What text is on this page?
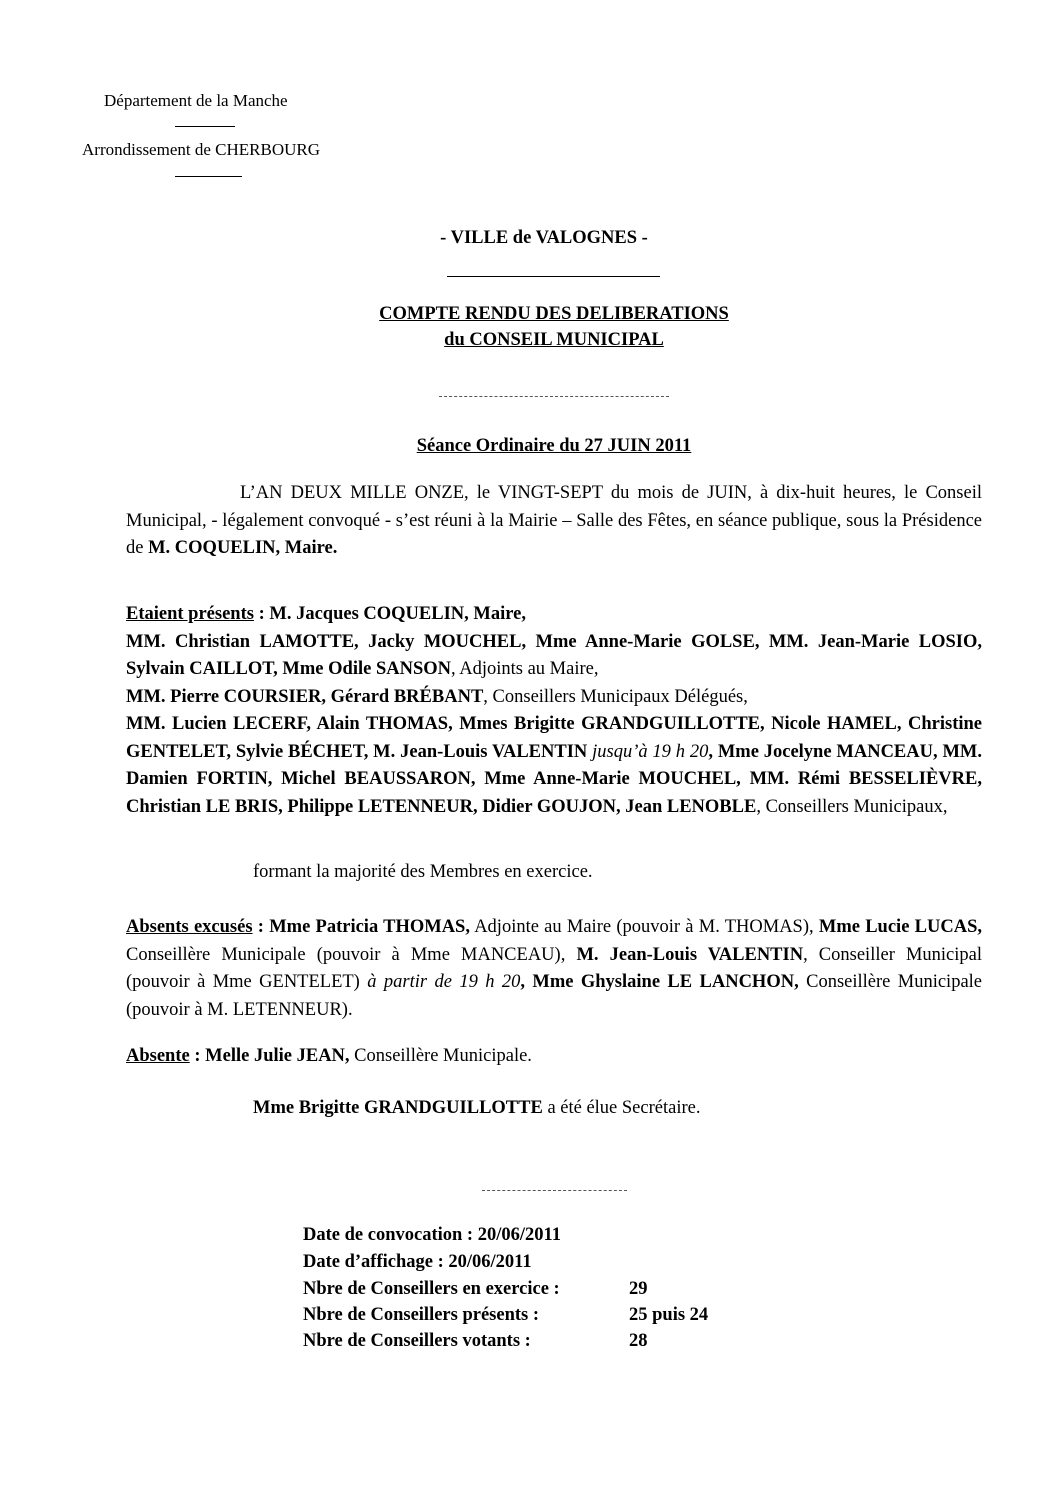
Département de la Manche
Arrondissement de CHERBOURG
- VILLE de VALOGNES -
COMPTE RENDU DES DELIBERATIONS
du CONSEIL MUNICIPAL
Séance Ordinaire du 27 JUIN 2011
L’AN DEUX MILLE ONZE, le VINGT-SEPT du mois de JUIN, à dix-huit heures, le Conseil Municipal, - légalement convoqué - s’est réuni à la Mairie – Salle des Fêtes, en séance publique, sous la Présidence de M. COQUELIN, Maire.
Etaient présents : M. Jacques COQUELIN, Maire,
MM. Christian LAMOTTE, Jacky MOUCHEL, Mme Anne-Marie GOLSE, MM. Jean-Marie LOSIO, Sylvain CAILLOT, Mme Odile SANSON, Adjoints au Maire,
MM. Pierre COURSIER, Gérard BRÉBANT, Conseillers Municipaux Délégués,
MM. Lucien LECERF, Alain THOMAS, Mmes Brigitte GRANDGUILLOTTE, Nicole HAMEL, Christine GENTELET, Sylvie BÉCHET, M. Jean-Louis VALENTIN jusqu’à 19 h 20, Mme Jocelyne MANCEAU, MM. Damien FORTIN, Michel BEAUSSARON, Mme Anne-Marie MOUCHEL, MM. Rémi BESSELIÈVRE, Christian LE BRIS, Philippe LETENNEUR, Didier GOUJON, Jean LENOBLE, Conseillers Municipaux,
formant la majorité des Membres en exercice.
Absents excusés : Mme Patricia THOMAS, Adjointe au Maire (pouvoir à M. THOMAS), Mme Lucie LUCAS, Conseillère Municipale (pouvoir à Mme MANCEAU), M. Jean-Louis VALENTIN, Conseiller Municipal (pouvoir à Mme GENTELET) à partir de 19 h 20, Mme Ghyslaine LE LANCHON, Conseillère Municipale (pouvoir à M. LETENNEUR).
Absente : Melle Julie JEAN, Conseillère Municipale.
Mme Brigitte GRANDGUILLOTTE a été élue Secrétaire.
Date de convocation : 20/06/2011
Date d’affichage : 20/06/2011
Nbre de Conseillers en exercice :	29
Nbre de Conseillers présents :	25 puis 24
Nbre de Conseillers votants :	28
